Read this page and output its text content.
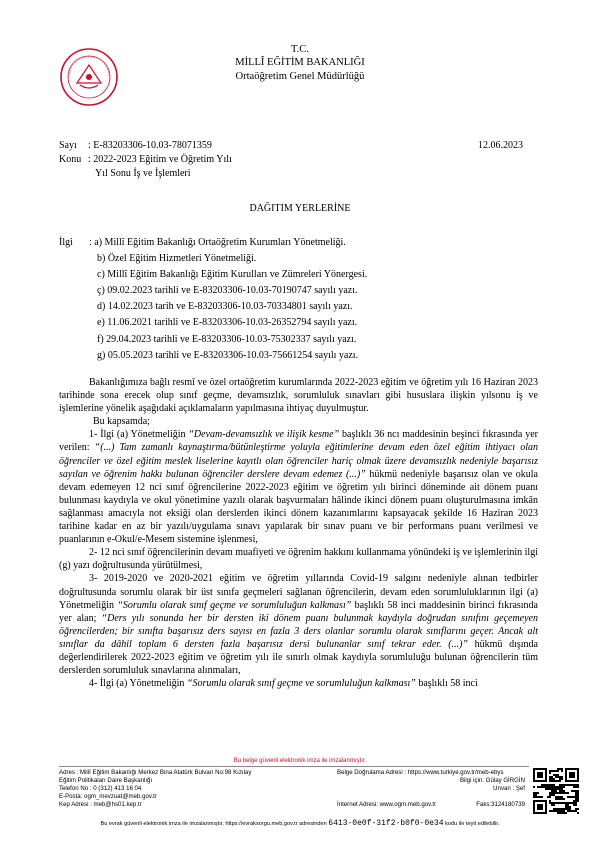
T.C.
MİLLÎ EĞİTİM BAKANLIĞI
Ortaöğretim Genel Müdürlüğü
Sayı : E-83203306-10.03-78071359	12.06.2023
Konu : 2022-2023 Eğitim ve Öğretim Yılı
Yıl Sonu İş ve İşlemleri
DAĞITIM YERLERİNE
İlgi	: a) Millî Eğitim Bakanlığı Ortaöğretim Kurumları Yönetmeliği.
b) Özel Eğitim Hizmetleri Yönetmeliği.
c) Millî Eğitim Bakanlığı Eğitim Kurulları ve Zümreleri Yönergesi.
ç) 09.02.2023 tarihli ve E-83203306-10.03-70190747 sayılı yazı.
d) 14.02.2023 tarih ve E-83203306-10.03-70334801 sayılı yazı.
e) 11.06.2021 tarihli ve E-83203306-10.03-26352794 sayılı yazı.
f) 29.04.2023 tarihli ve E-83203306-10.03-75302337 sayılı yazı.
g) 05.05.2023 tarihli ve E-83203306-10.03-75661254 sayılı yazı.

Bakanlığımıza bağlı resmî ve özel ortaöğretim kurumlarında 2022-2023 eğitim ve öğretim yılı 16 Haziran 2023 tarihinde sona erecek olup sınıf geçme, devamsızlık, sorumluluk sınavları gibi hususlara ilişkin yılsonu iş ve işlemlerine yönelik aşağıdaki açıklamaların yapılmasına ihtiyaç duyulmuştur.

Bu kapsamda;

1- İlgi (a) Yönetmeliğin “Devam-devamsızlık ve ilişik kesme” başlıklı 36 ncı maddesinin beşinci fıkrasında yer verilen: “(...) Tam zamanlı kaynaştırma/bütünleştirme yoluyla eğitimlerine devam eden özel eğitim ihtiyacı olan öğrenciler ve özel eğitim meslek liselerine kayıtlı olan öğrenciler hariç olmak üzere devamsızlık nedeniyle başarısız sayılan ve öğrenim hakkı bulunan öğrenciler derslere devam edemez (...)” hükmü nedeniyle başarısız olan ve okula devam edemeyen 12 nci sınıf öğrencilerine 2022-2023 eğitim ve öğretim yılı birinci döneminde ait dönem puanı bulunması kaydıyla ve okul yönetimine yazılı olarak başvurmaları hâlinde ikinci dönem puanı oluşturulmasına imkân sağlanması amacıyla not eksiği olan derslerden ikinci dönem kazanımlarını kapsayacak şekilde 16 Haziran 2023 tarihine kadar en az bir yazılı/uygulama sınavı yapılarak bir sınav puanı ve bir performans puanı verilmesi ve puanlarının e-Okul/e-Mesem sistemine işlenmesi,

2- 12 nci sınıf öğrencilerinin devam muafiyeti ve öğrenim hakkını kullanmama yönündeki iş ve işlemlerinin ilgi (g) yazı doğrultusunda yürütülmesi,

3- 2019-2020 ve 2020-2021 eğitim ve öğretim yıllarında Covid-19 salgını nedeniyle alınan tedbirler doğrultusunda sorumlu olarak bir üst sınıfa geçmeleri sağlanan öğrencilerin, devam eden sorumluluklarının ilgi (a) Yönetmeliğin “Sorumlu olarak sınıf geçme ve sorumluluğun kalkması” başlıklı 58 inci maddesinin birinci fıkrasında yer alan; “Ders yılı sonunda her bir dersten iki dönem puanı bulunmak kaydıyla doğrudan sınıfını geçemeyen öğrencilerden; bir sınıfta başarısız ders sayısı en fazla 3 ders olanlar sorumlu olarak sınıflarını geçer. Ancak alt sınıflar da dâhil toplam 6 dersten fazla başarısız dersi bulunanlar sınıf tekrar eder. (...)” hükmü dışında değerlendirilerek 2022-2023 eğitim ve öğretim yılı ile sınırlı olmak kaydıyla sorumluluğu bulunan öğrencilerin tüm derslerden sorumluluk sınavlarına alınmaları,

4- İlgi (a) Yönetmeliğin “Sorumlu olarak sınıf geçme ve sorumluluğun kalkması” başlıklı 58 inci

Bu belge güvenli elektronik imza ile imzalanmıştır.
Adres : Millî Eğitim Bakanlığı Merkez Bina Atatürk Bulvarı No:98 Kızılay
Eğitim Politikaları Daire Başkanlığı
Telefon No : 0 (312) 413 16 04
E-Posta: ogm_mevzuat@meb.gov.tr
Kep Adresi : meb@hs01.kep.tr
Belge Doğrulama Adresi : https://www.turkiye.gov.tr/meb-ebys
Bilgi için: Gülay GİRGİN
Unvan : Şef
İnternet Adresi: www.ogm.meb.gov.tr	Faks:3124180739
Bu evrak güvenli elektronik imza ile imzalanmıştır. https://evraksorgu.meb.gov.tr adresinden 6413-0e0f-31f2-b0f0-0e34 kodu ile teyit edilebilir.
